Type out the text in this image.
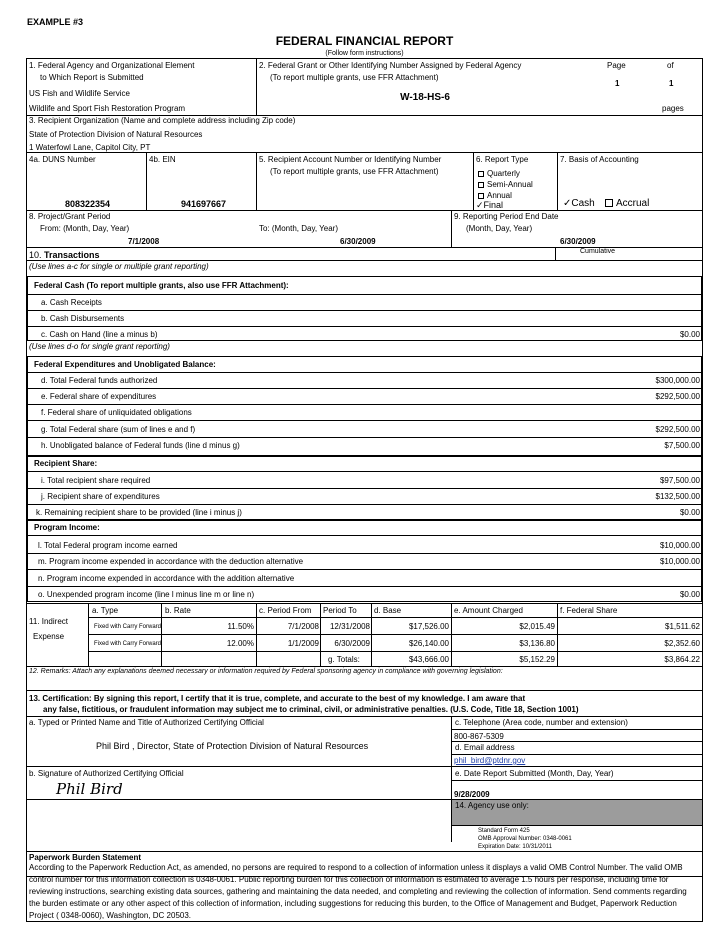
EXAMPLE #3
FEDERAL FINANCIAL REPORT
(Follow form instructions)
1. Federal Agency and Organizational Element
to Which Report is Submitted
US Fish and Wildlife Service
Wildlife and Sport Fish Restoration Program
2. Federal Grant or Other Identifying Number Assigned by Federal Agency
(To report multiple grants, use FFR Attachment)
W-18-HS-6
Page	of
1	1
pages
3. Recipient Organization (Name and complete address including Zip code)
State of Protection Division of Natural Resources
1 Waterfowl Lane, Capitol City, PT
4a. DUNS Number
808322354
4b. EIN
941697667
5. Recipient Account Number or Identifying Number
(To report multiple grants, use FFR Attachment)
6. Report Type
Quarterly
Semi-Annual
Annual
✓Final
7. Basis of Accounting
✓Cash	Accrual
8. Project/Grant Period
From: (Month, Day, Year)
7/1/2008
To: (Month, Day, Year)
6/30/2009
9. Reporting Period End Date
(Month, Day, Year)
6/30/2009
10. Transactions	Cumulative
(Use lines a-c for single or multiple grant reporting)
Federal Cash (To report multiple grants, also use FFR Attachment):
a. Cash Receipts
b. Cash Disbursements
c. Cash on Hand (line a minus b)	$0.00
(Use lines d-o for single grant reporting)
Federal Expenditures and Unobligated Balance:
d. Total Federal funds authorized	$300,000.00
e. Federal share of expenditures	$292,500.00
f. Federal share of unliquidated obligations
g. Total Federal share (sum of lines e and f)	$292,500.00
h. Unobligated balance of Federal funds (line d minus g)	$7,500.00
Recipient Share:
i. Total recipient share required	$97,500.00
j. Recipient share of expenditures	$132,500.00
k. Remaining recipient share to be provided (line i minus j)	$0.00
Program Income:
l. Total Federal program income earned	$10,000.00
m. Program income expended in accordance with the deduction alternative	$10,000.00
n. Program income expended in accordance with the addition alternative
o. Unexpended program income (line l minus line m or line n)	$0.00
11. Indirect
Expense
a. Type	b. Rate	c. Period From Period To d. Base	e. Amount Charged	f. Federal Share
Fixed with Carry Forward	11.50%	7/1/2008	12/31/2008	$17,526.00	$2,015.49	$1,511.62
Fixed with Carry Forward	12.00%	1/1/2009	6/30/2009	$26,140.00	$3,136.80	$2,352.60
g. Totals:	$43,666.00	$5,152.29	$3,864.22
12. Remarks: Attach any explanations deemed necessary or information required by Federal sponsoring agency in compliance with governing legislation:
13. Certification: By signing this report, I certify that it is true, complete, and accurate to the best of my knowledge. I am aware that
any false, fictitious, or fraudulent information may subject me to criminal, civil, or administrative penalties. (U.S. Code, Title 18, Section 1001)
a. Typed or Printed Name and Title of Authorized Certifying Official
Phil Bird , Director, State of Protection Division of Natural Resources
c. Telephone (Area code, number and extension)
800-867-5309
d. Email address
phil_bird@ptdnr.gov
b. Signature of Authorized Certifying Official
Phil Bird
e. Date Report Submitted (Month, Day, Year)
9/28/2009
14. Agency use only:
Standard Form 425
OMB Approval Number: 0348-0061
Expiration Date: 10/31/2011
Paperwork Burden Statement
According to the Paperwork Reduction Act, as amended, no persons are required to respond to a collection of information unless it displays a valid OMB Control Number. The valid OMB
control number for this information collection is 0348-0061. Public reporting burden for this collection of information is estimated to average 1.5 hours per response, including time for
reviewing instructions, searching existing data sources, gathering and maintaining the data needed, and completing and reviewing the collection of information. Send comments regarding
the burden estimate or any other aspect of this collection of information, including suggestions for reducing this burden, to the Office of Management and Budget, Paperwork Reduction
Project ( 0348-0060), Washington, DC 20503.
